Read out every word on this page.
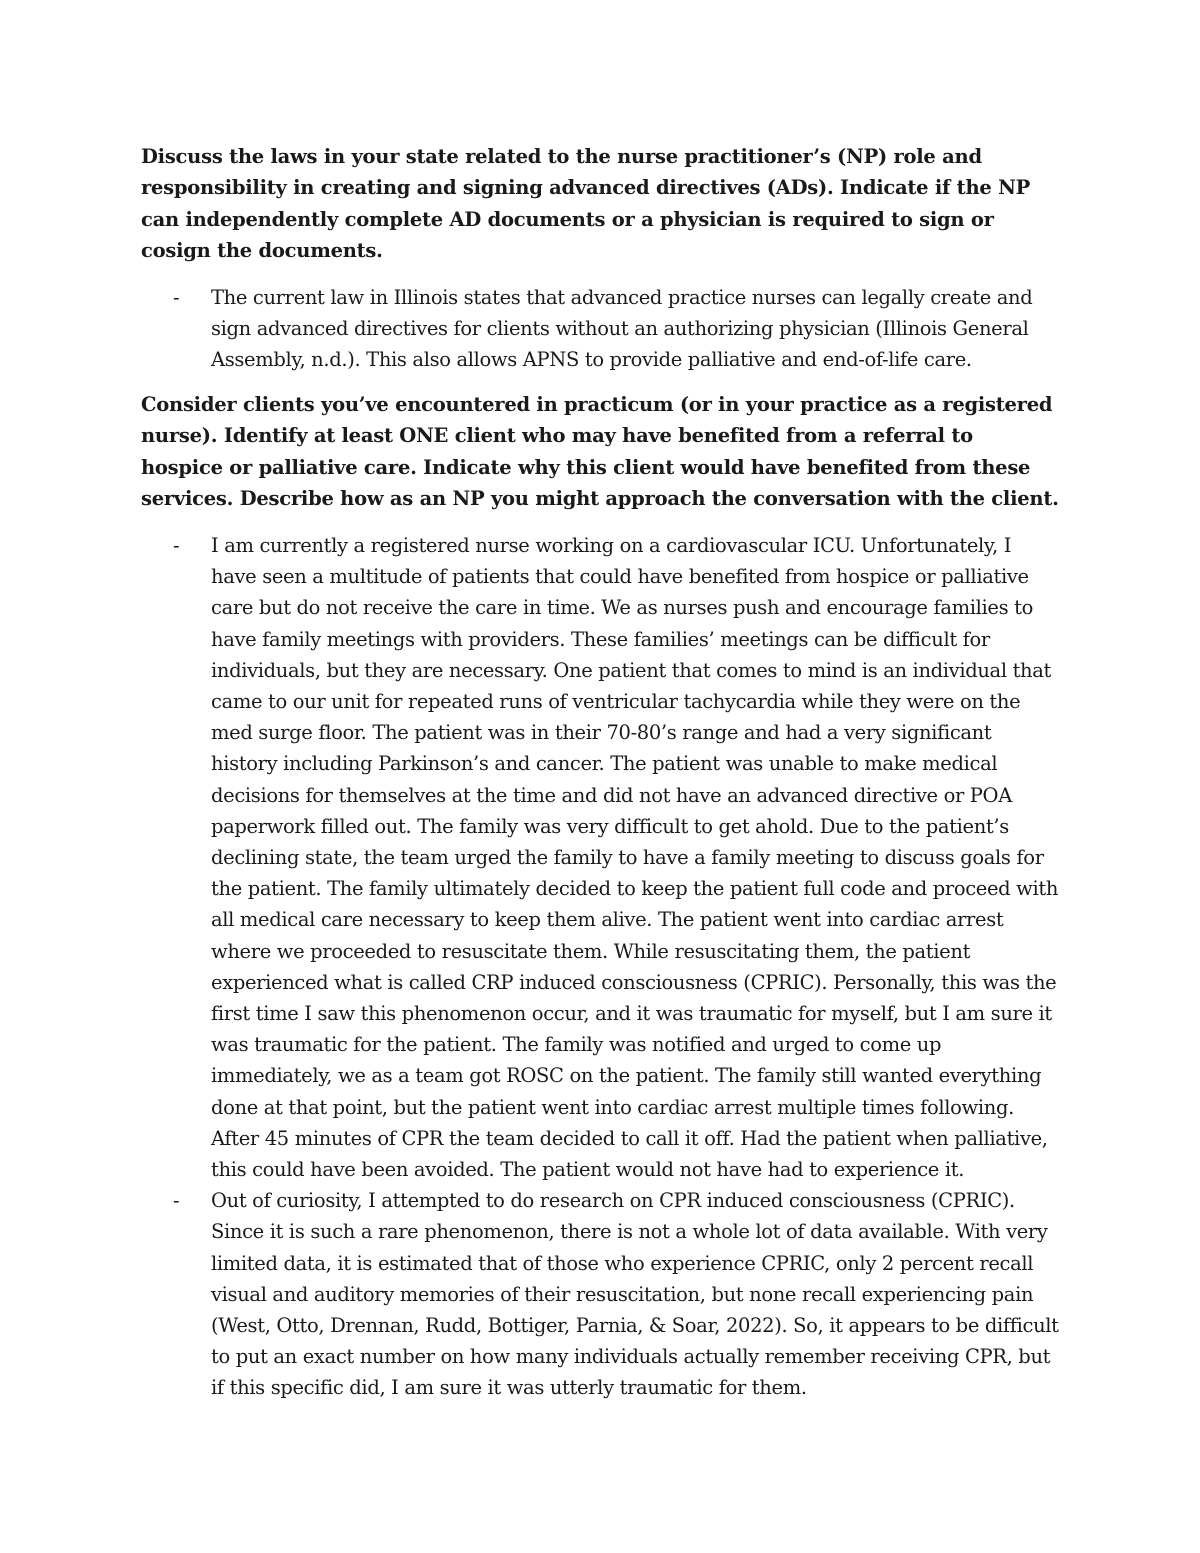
Discuss the laws in your state related to the nurse practitioner’s (NP) role and responsibility in creating and signing advanced directives (ADs). Indicate if the NP can independently complete AD documents or a physician is required to sign or cosign the documents.

- The current law in Illinois states that advanced practice nurses can legally create and sign advanced directives for clients without an authorizing physician (Illinois General Assembly, n.d.). This also allows APNS to provide palliative and end-of-life care.

Consider clients you’ve encountered in practicum (or in your practice as a registered nurse). Identify at least ONE client who may have benefited from a referral to hospice or palliative care. Indicate why this client would have benefited from these services. Describe how as an NP you might approach the conversation with the client.

- I am currently a registered nurse working on a cardiovascular ICU. Unfortunately, I have seen a multitude of patients that could have benefited from hospice or palliative care but do not receive the care in time. We as nurses push and encourage families to have family meetings with providers. These families’ meetings can be difficult for individuals, but they are necessary. One patient that comes to mind is an individual that came to our unit for repeated runs of ventricular tachycardia while they were on the med surge floor. The patient was in their 70-80’s range and had a very significant history including Parkinson’s and cancer. The patient was unable to make medical decisions for themselves at the time and did not have an advanced directive or POA paperwork filled out. The family was very difficult to get ahold. Due to the patient’s declining state, the team urged the family to have a family meeting to discuss goals for the patient. The family ultimately decided to keep the patient full code and proceed with all medical care necessary to keep them alive. The patient went into cardiac arrest where we proceeded to resuscitate them. While resuscitating them, the patient experienced what is called CRP induced consciousness (CPRIC). Personally, this was the first time I saw this phenomenon occur, and it was traumatic for myself, but I am sure it was traumatic for the patient. The family was notified and urged to come up immediately, we as a team got ROSC on the patient. The family still wanted everything done at that point, but the patient went into cardiac arrest multiple times following. After 45 minutes of CPR the team decided to call it off. Had the patient when palliative, this could have been avoided. The patient would not have had to experience it.
- Out of curiosity, I attempted to do research on CPR induced consciousness (CPRIC). Since it is such a rare phenomenon, there is not a whole lot of data available. With very limited data, it is estimated that of those who experience CPRIC, only 2 percent recall visual and auditory memories of their resuscitation, but none recall experiencing pain (West, Otto, Drennan, Rudd, Bottiger, Parnia, & Soar, 2022). So, it appears to be difficult to put an exact number on how many individuals actually remember receiving CPR, but if this specific did, I am sure it was utterly traumatic for them.
